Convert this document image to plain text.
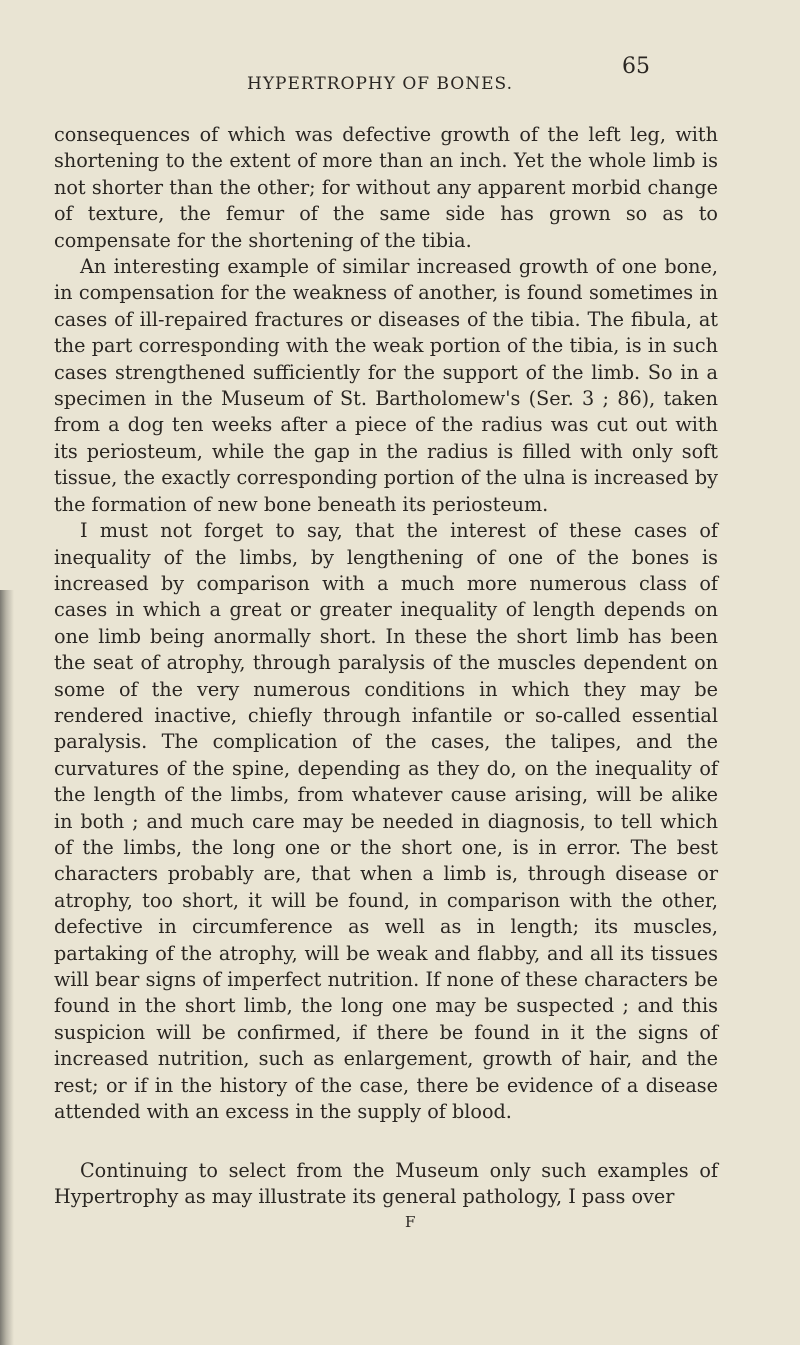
HYPERTROPHY OF BONES.
65

consequences of which was defective growth of the left leg, with shortening to the extent of more than an inch. Yet the whole limb is not shorter than the other; for without any apparent morbid change of texture, the femur of the same side has grown so as to compensate for the shortening of the tibia.

An interesting example of similar increased growth of one bone, in compensation for the weakness of another, is found sometimes in cases of ill-repaired fractures or diseases of the tibia. The fibula, at the part corresponding with the weak portion of the tibia, is in such cases strengthened sufficiently for the support of the limb. So in a specimen in the Museum of St. Bartholomew's (Ser. 3 ; 86), taken from a dog ten weeks after a piece of the radius was cut out with its periosteum, while the gap in the radius is filled with only soft tissue, the exactly corresponding portion of the ulna is increased by the formation of new bone beneath its periosteum.

I must not forget to say, that the interest of these cases of inequality of the limbs, by lengthening of one of the bones is increased by comparison with a much more numerous class of cases in which a great or greater inequality of length depends on one limb being anormally short. In these the short limb has been the seat of atrophy, through paralysis of the muscles dependent on some of the very numerous conditions in which they may be rendered inactive, chiefly through infantile or so-called essential paralysis. The complication of the cases, the talipes, and the curvatures of the spine, depending as they do, on the inequality of the length of the limbs, from whatever cause arising, will be alike in both ; and much care may be needed in diagnosis, to tell which of the limbs, the long one or the short one, is in error. The best characters probably are, that when a limb is, through disease or atrophy, too short, it will be found, in comparison with the other, defective in circumference as well as in length; its muscles, partaking of the atrophy, will be weak and flabby, and all its tissues will bear signs of imperfect nutrition. If none of these characters be found in the short limb, the long one may be suspected ; and this suspicion will be confirmed, if there be found in it the signs of increased nutrition, such as enlargement, growth of hair, and the rest; or if in the history of the case, there be evidence of a disease attended with an excess in the supply of blood.

Continuing to select from the Museum only such examples of Hypertrophy as may illustrate its general pathology, I pass over

F
